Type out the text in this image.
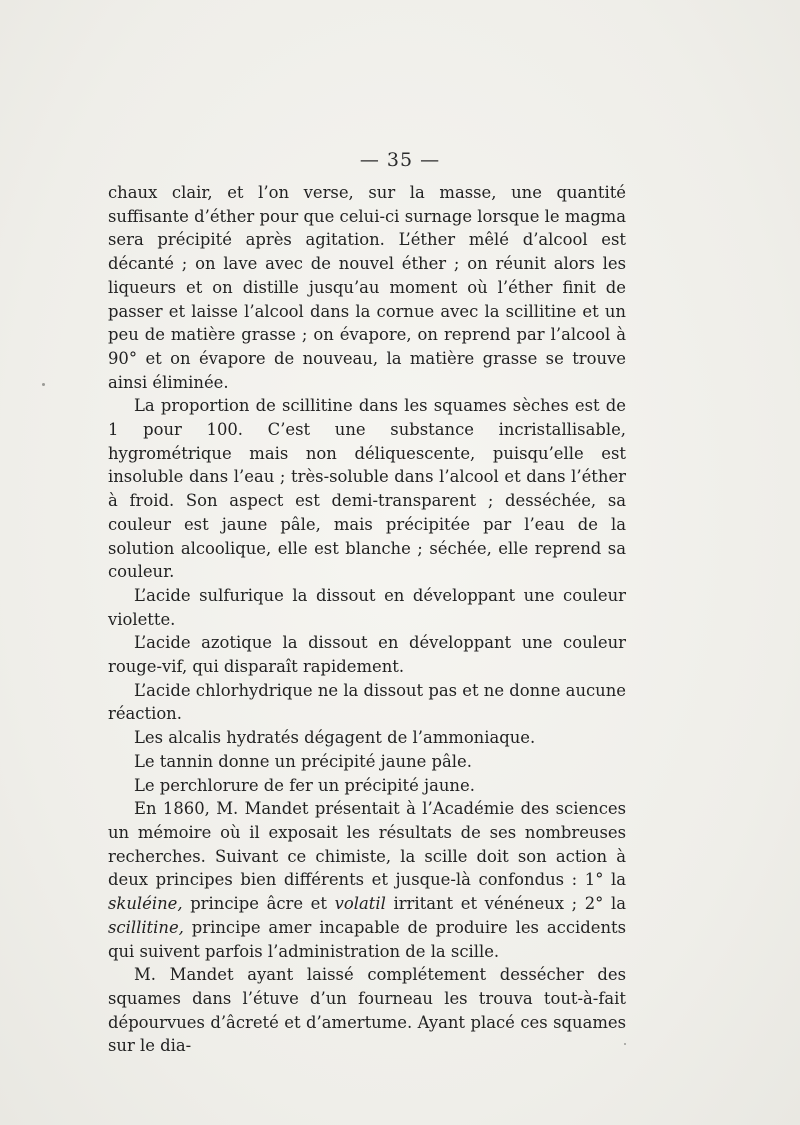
— 35 —

chaux clair, et l’on verse, sur la masse, une quantité suffisante d’éther pour que celui-ci surnage lorsque le magma sera précipité après agitation. L’éther mêlé d’alcool est décanté ; on lave avec de nouvel éther ; on réunit alors les liqueurs et on distille jusqu’au moment où l’éther finit de passer et laisse l’alcool dans la cornue avec la scillitine et un peu de matière grasse ; on évapore, on reprend par l’alcool à 90° et on évapore de nouveau, la matière grasse se trouve ainsi éliminée.

La proportion de scillitine dans les squames sèches est de 1 pour 100. C’est une substance incristallisable, hygrométrique mais non déliquescente, puisqu’elle est insoluble dans l’eau ; très-soluble dans l’alcool et dans l’éther à froid. Son aspect est demi-transparent ; desséchée, sa couleur est jaune pâle, mais précipitée par l’eau de la solution alcoolique, elle est blanche ; séchée, elle reprend sa couleur.

L’acide sulfurique la dissout en développant une couleur violette.

L’acide azotique la dissout en développant une couleur rouge-vif, qui disparaît rapidement.

L’acide chlorhydrique ne la dissout pas et ne donne aucune réaction.

Les alcalis hydratés dégagent de l’ammoniaque.

Le tannin donne un précipité jaune pâle.

Le perchlorure de fer un précipité jaune.

En 1860, M. Mandet présentait à l’Académie des sciences un mémoire où il exposait les résultats de ses nombreuses recherches. Suivant ce chimiste, la scille doit son action à deux principes bien différents et jusque-là confondus : 1° la skuléine, principe âcre et volatil irritant et vénéneux ; 2° la scillitine, principe amer incapable de produire les accidents qui suivent parfois l’administration de la scille.

M. Mandet ayant laissé complétement dessécher des squames dans l’étuve d’un fourneau les trouva tout-à-fait dépourvues d’âcreté et d’amertume. Ayant placé ces squames sur le dia-
